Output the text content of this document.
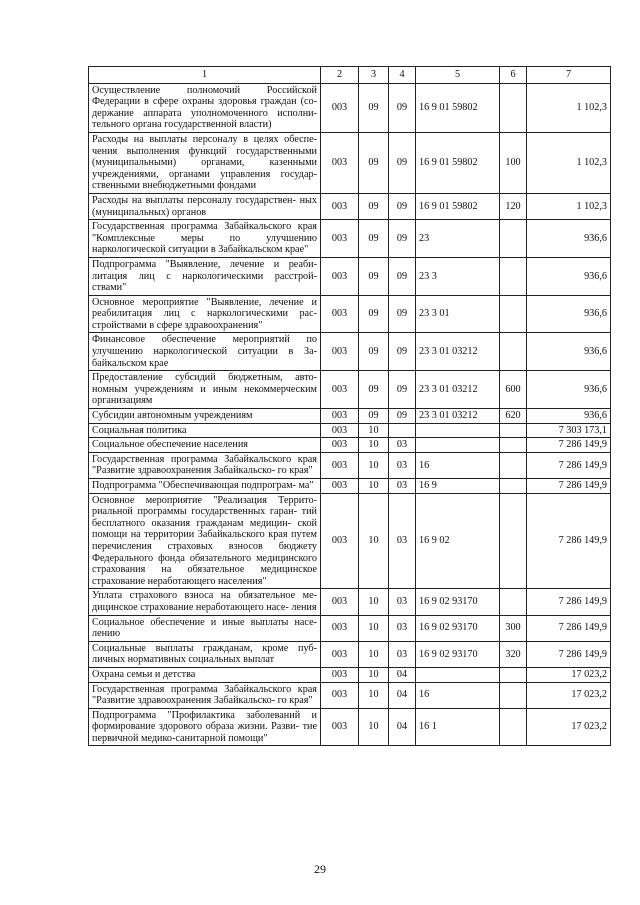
1	2	3	4	5	6	7
Осуществление полномочий Российской Федерации в сфере охраны здоровья граждан (со- держание аппарата уполномоченного исполни- тельного органа государственной власти)	003	09	09	16 9 01 59802		1 102,3
Расходы на выплаты персоналу в целях обеспе- чения выполнения функций государственными (муниципальными) органами, казенными учреждениями, органами управления государ- ственными внебюджетными фондами	003	09	09	16 9 01 59802	100	1 102,3
Расходы на выплаты персоналу государствен- ных (муниципальных) органов	003	09	09	16 9 01 59802	120	1 102,3
Государственная программа Забайкальского края "Комплексные меры по улучшению наркологической ситуации в Забайкальском крае"	003	09	09	23		936,6
Подпрограмма "Выявление, лечение и реаби- литация лиц с наркологическими расстрой- ствами"	003	09	09	23 3		936,6
Основное мероприятие "Выявление, лечение и реабилитация лиц с наркологическими рас- стройствами в сфере здравоохранения"	003	09	09	23 3 01		936,6
Финансовое обеспечение мероприятий по улучшению наркологической ситуации в За- байкальском крае	003	09	09	23 3 01 03212		936,6
Предоставление субсидий бюджетным, авто- номным учреждениям и иным некоммерческим организациям	003	09	09	23 3 01 03212	600	936,6
Субсидии автономным учреждениям	003	09	09	23 3 01 03212	620	936,6
Социальная политика	003	10				7 303 173,1
Социальное обеспечение населения	003	10	03			7 286 149,9
Государственная программа Забайкальского края "Развитие здравоохранения Забайкальско- го края"	003	10	03	16		7 286 149,9
Подпрограмма "Обеспечивающая подпрограм- ма"	003	10	03	16 9		7 286 149,9
Основное мероприятие "Реализация Террито- риальной программы государственных гаран- тий бесплатного оказания гражданам медицин- ской помощи на территории Забайкальского края путем перечисления страховых взносов бюджету Федерального фонда обязательного медицинского страхования на обязательное медицинское страхование неработающего населения"	003	10	03	16 9 02		7 286 149,9
Уплата страхового взноса на обязательное ме- дицинское страхование неработающего насе- ления	003	10	03	16 9 02 93170		7 286 149,9
Социальное обеспечение и иные выплаты насе- лению	003	10	03	16 9 02 93170	300	7 286 149,9
Социальные выплаты гражданам, кроме пуб- личных нормативных социальных выплат	003	10	03	16 9 02 93170	320	7 286 149,9
Охрана семьи и детства	003	10	04			17 023,2
Государственная программа Забайкальского края "Развитие здравоохранения Забайкальско- го края"	003	10	04	16		17 023,2
Подпрограмма "Профилактика заболеваний и формирование здорового образа жизни. Разви- тие первичной медико-санитарной помощи"	003	10	04	16 1		17 023,2
29
